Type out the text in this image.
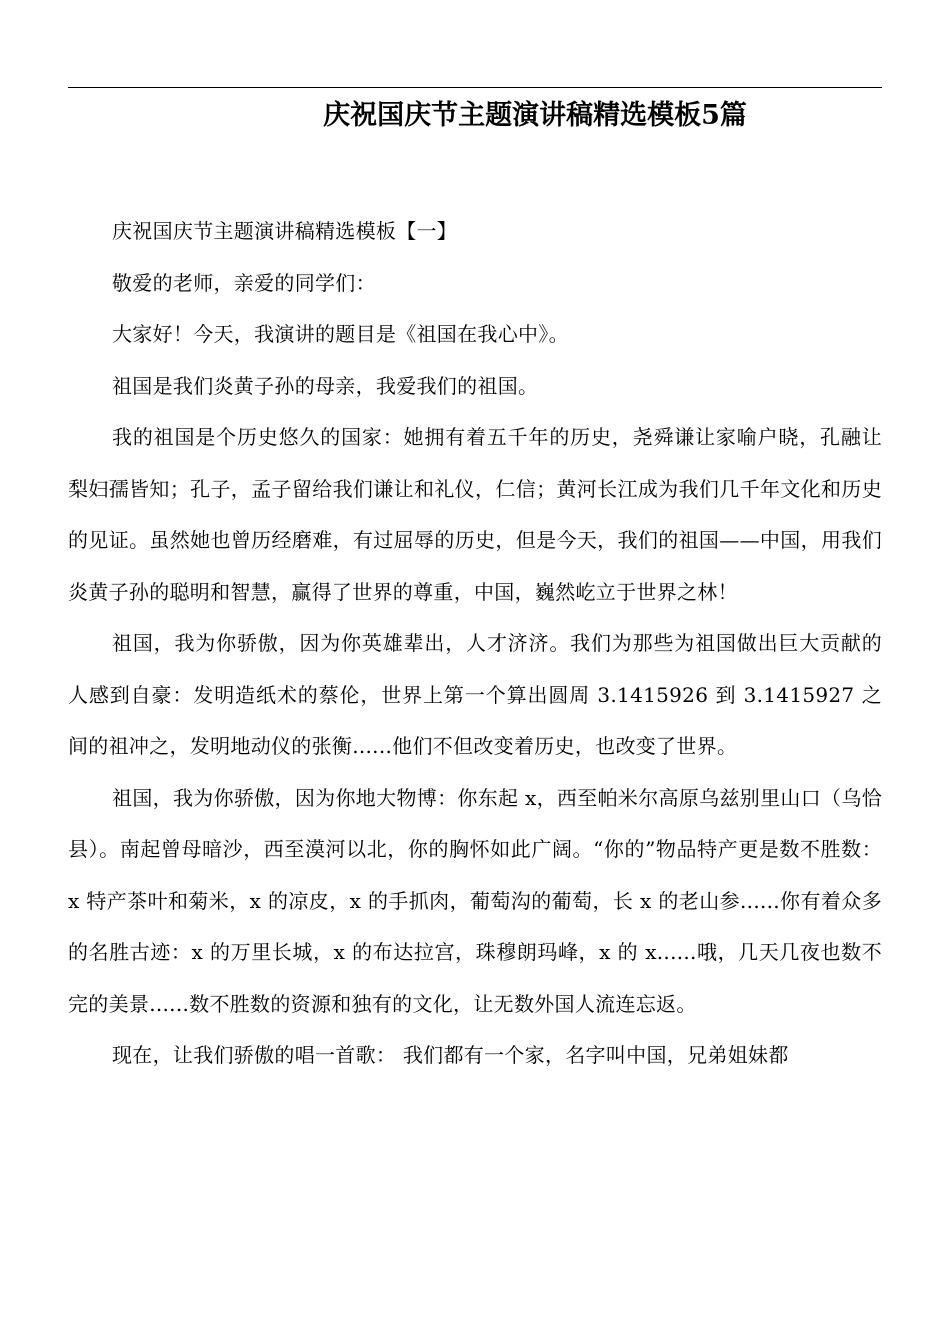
庆祝国庆节主题演讲稿精选模板5篇

庆祝国庆节主题演讲稿精选模板【一】

敬爱的老师，亲爱的同学们：

大家好！今天，我演讲的题目是《祖国在我心中》。

祖国是我们炎黄子孙的母亲，我爱我们的祖国。

我的祖国是个历史悠久的国家：她拥有着五千年的历史，尧舜谦让家喻户晓，孔融让梨妇孺皆知；孔子，孟子留给我们谦让和礼仪，仁信；黄河长江成为我们几千年文化和历史的见证。虽然她也曾历经磨难，有过屈辱的历史，但是今天，我们的祖国——中国，用我们炎黄子孙的聪明和智慧，赢得了世界的尊重，中国，巍然屹立于世界之林！

祖国，我为你骄傲，因为你英雄辈出，人才济济。我们为那些为祖国做出巨大贡献的人感到自豪：发明造纸术的蔡伦，世界上第一个算出圆周 3.1415926 到 3.1415927 之间的祖冲之，发明地动仪的张衡......他们不但改变着历史，也改变了世界。

祖国，我为你骄傲，因为你地大物博：你东起 x，西至帕米尔高原乌兹别里山口（乌恰县）。南起曾母暗沙，西至漠河以北，你的胸怀如此广阔。“你的”物品特产更是数不胜数：x 特产茶叶和菊米，x 的凉皮，x 的手抓肉，葡萄沟的葡萄，长 x 的老山参......你有着众多的名胜古迹：x 的万里长城，x 的布达拉宫，珠穆朗玛峰，x 的 x......哦，几天几夜也数不完的美景......数不胜数的资源和独有的文化，让无数外国人流连忘返。

现在，让我们骄傲的唱一首歌： 我们都有一个家，名字叫中国，兄弟姐妹都
